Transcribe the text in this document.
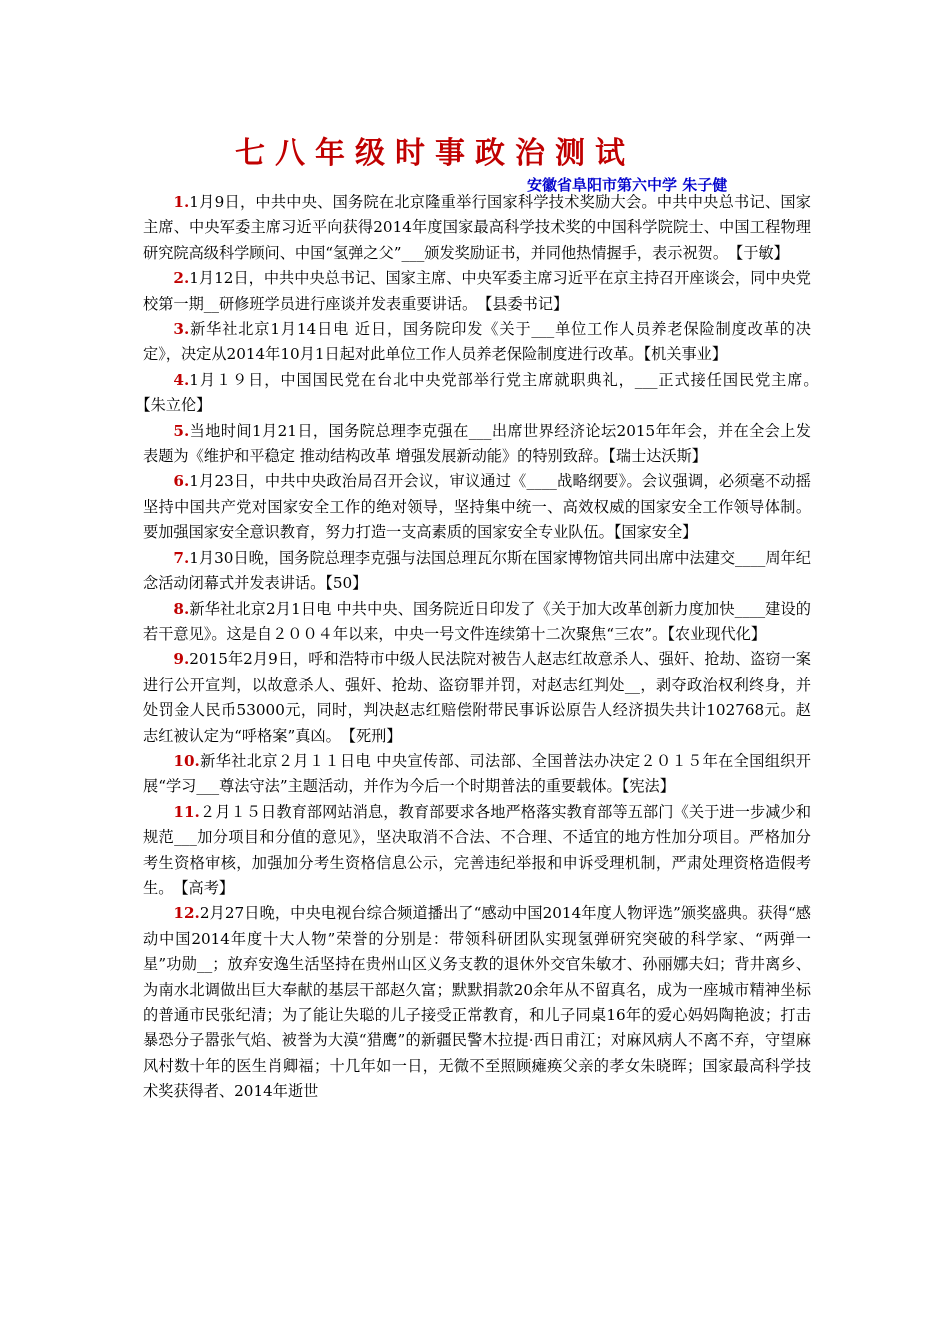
七八年级时事政治测试
安徽省阜阳市第六中学 朱子健

1.1月9日，中共中央、国务院在北京隆重举行国家科学技术奖励大会。中共中央总书记、国家主席、中央军委主席习近平向获得2014年度国家最高科学技术奖的中国科学院院士、中国工程物理研究院高级科学顾问、中国“氢弹之父”___颁发奖励证书，并同他热情握手，表示祝贺。　 【于敏】

2.1月12日，中共中央总书记、国家主席、中央军委主席习近平在京主持召开座谈会，同中央党校第一期__研修班学员进行座谈并发表重要讲话。　 【县委书记】

3.新华社北京1月14日电 近日，国务院印发《关于___单位工作人员养老保险制度改革的决定》，决定从2014年10月1日起对此单位工作人员养老保险制度进行改革。【机关事业】

4.1月１９日，中国国民党在台北中央党部举行党主席就职典礼，___正式接任国民党主席。　【朱立伦】

5.当地时间1月21日，国务院总理李克强在___出席世界经济论坛2015年年会，并在全会上发表题为《维护和平稳定 推动结构改革 增强发展新动能》的特别致辞。【瑞士达沃斯】

6.1月23日，中共中央政治局召开会议，审议通过《____战略纲要》。会议强调，必须毫不动摇坚持中国共产党对国家安全工作的绝对领导，坚持集中统一、高效权威的国家安全工作领导体制。要加强国家安全意识教育，努力打造一支高素质的国家安全专业队伍。【国家安全】

7.1月30日晚，国务院总理李克强与法国总理瓦尔斯在国家博物馆共同出席中法建交____周年纪念活动闭幕式并发表讲话。【50】

8.新华社北京2月1日电 中共中央、国务院近日印发了《关于加大改革创新力度加快____建设的若干意见》。这是自２００４年以来，中央一号文件连续第十二次聚焦“三农”。【农业现代化】

9.2015年2月9日，呼和浩特市中级人民法院对被告人赵志红故意杀人、强奸、抢劫、盗窃一案进行公开宣判，以故意杀人、强奸、抢劫、盗窃罪并罚，对赵志红判处__，剥夺政治权利终身，并处罚金人民币53000元，同时，判决赵志红赔偿附带民事诉讼原告人经济损失共计102768元。赵志红被认定为“呼格案”真凶。　 【死刑】

10.新华社北京２月１１日电 中央宣传部、司法部、全国普法办决定２０１５年在全国组织开展“学习___尊法守法”主题活动，并作为今后一个时期普法的重要载体。【宪法】

11.２月１５日教育部网站消息，教育部要求各地严格落实教育部等五部门《关于进一步减少和规范___加分项目和分值的意见》，坚决取消不合法、不合理、不适宜的地方性加分项目。严格加分考生资格审核，加强加分考生资格信息公示，完善违纪举报和申诉受理机制，严肃处理资格造假考生。　 【高考】

12.2月27日晚，中央电视台综合频道播出了“感动中国2014年度人物评选”颁奖盛典。获得“感动中国2014年度十大人物”荣誉的分别是：带领科研团队实现氢弹研究突破的科学家、“两弹一星”功勋__；放弃安逸生活坚持在贵州山区义务支教的退休外交官朱敏才、孙丽娜夫妇；背井离乡、为南水北调做出巨大奉献的基层干部赵久富；默默捐款20余年从不留真名，成为一座城市精神坐标的普通市民张纪清；为了能让失聪的儿子接受正常教育，和儿子同桌16年的爱心妈妈陶艳波；打击暴恐分子嚣张气焰、被誉为大漠“猎鹰”的新疆民警木拉提·西日甫江；对麻风病人不离不弃，守望麻风村数十年的医生肖卿福；十几年如一日，无微不至照顾瘫痪父亲的孝女朱晓晖；国家最高科学技术奖获得者、2014年逝世
